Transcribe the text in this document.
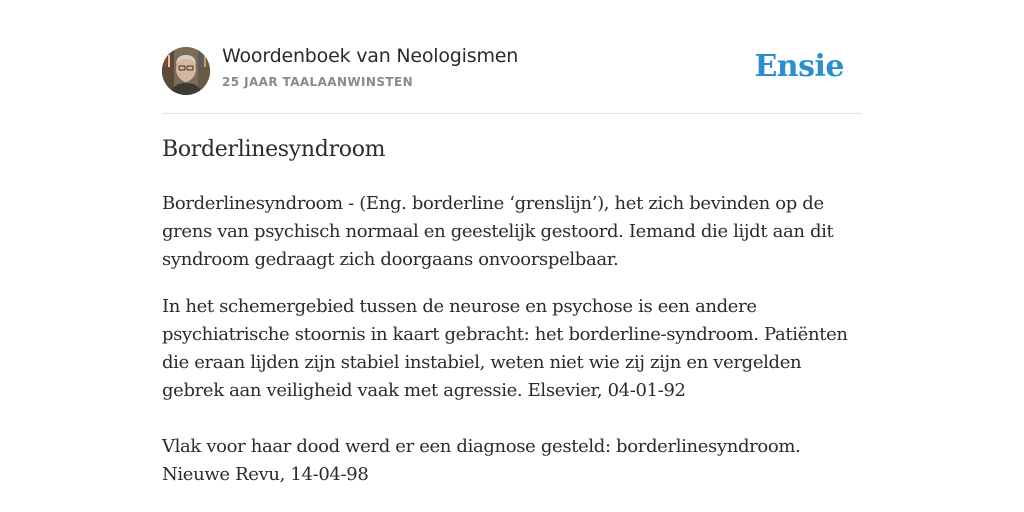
Woordenboek van Neologismen
25 JAAR TAALAANWINSTEN	Ensie
Borderlinesyndroom

Borderlinesyndroom - (Eng. borderline ‘grenslijn’), het zich bevinden op de grens van psychisch normaal en geestelijk gestoord. Iemand die lijdt aan dit syndroom gedraagt zich doorgaans onvoorspelbaar.

In het schemergebied tussen de neurose en psychose is een andere psychiatrische stoornis in kaart gebracht: het borderline-syndroom. Patiënten die eraan lijden zijn stabiel instabiel, weten niet wie zij zijn en vergelden gebrek aan veiligheid vaak met agressie. Elsevier, 04-01-92

Vlak voor haar dood werd er een diagnose gesteld: borderlinesyndroom. Nieuwe Revu, 14-04-98
